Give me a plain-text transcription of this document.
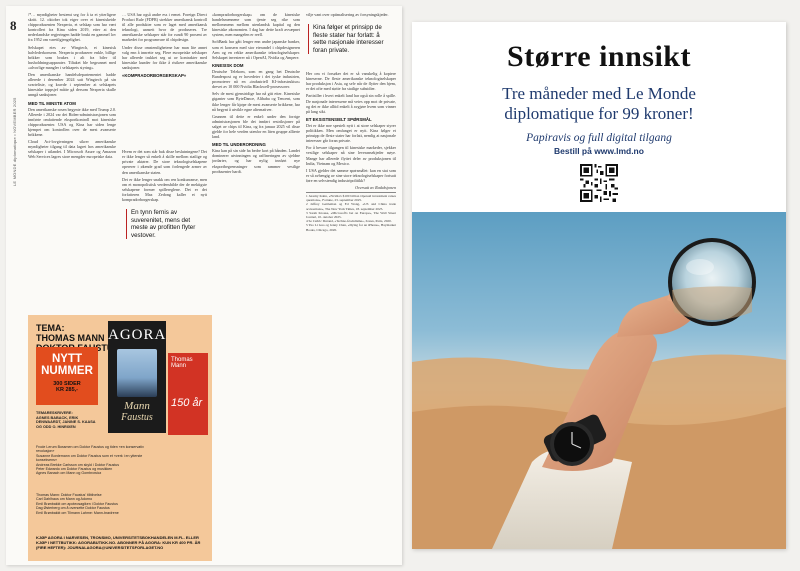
8
LE MONDE diplomatique • NOVEMBER 2025

/*… myndigheter bestemt seg for å ta et ytterligere skritt. 12. oktober tok eiger over et kinesiskeide chipprodusenten Nexperia, et selskap som har vært kontrollert fra Kina siden 2019, etter at den nederlandske regjeringen hadde brukt en gammel lov fra 1952 om varetilgjengelighet.

Selskapet eies av Wingtech, et kinesisk halvlederkonsern. Nexperia produserer enkle, billige brikker som brukes i alt fra biler til husholdningsapparater. Tiltaket ble begrunnet med «alvorlige mangler i selskapets styring».

Den amerikanske handelsdepartementet hadde allerede i desember 2024 satt Wingtech på sin svarteliste, og kravde i september at selskapets kinesiske toppsjef måtte gå dersom Nexperia skulle unngå sanksjoner.

MED TIL MINSTE ATOM

Den amerikanske rosen begynte ikke med Trump 2.0. Allerede i 2024 var det Biden-administrasjonen som innførte omfattende eksportkontroll mot kinesiske chipprodusenter. USA og Kina har siden lenge kjempet om kontrollen over de mest avanserte brikkene.

Cloud Act-lovgivningen sikrer amerikanske myndigheter tilgang til data lagret hos amerikanske selskaper i utlandet. I Microsoft Azure og Amazon Web Services lagres store mengder europeiske data.

… USA har også andre ess i ermet. Foreign Direct Product Rule (FDPR) strekker amerikansk kontroll til alle produkter som er laget med amerikansk teknologi, uansett hvor de produseres. Tre amerikanske selskaper står for rundt 90 prosent av markedet for programvare til chipdesign.

Under disse omstendighetene har man lite annet valg enn å innrette seg. Flere europeiske selskaper har allerede trukket seg ut av kontrakter med kinesiske kunder for ikke å risikere amerikanske sanksjoner.

«KOMPRADORBORGERSKAP»

Hvem er det som står bak disse beslutningene? Det er ikke lenger så enkelt å skille mellom statlige og private aktører. De store teknologiselskapene opererer i økende grad som forlengede armer av den amerikanske staten.

Det er ikke lenger snakk om ren konkurranse, men om et monopolistisk verdensbilde der de mektigste selskapene former spillereglene. Det er det forfatteren Max Zedong kaller et nytt kompradorborgerskap.

En tynn fernis av suverenitet, mens det meste av profitten flyter vestover.

«kompradorborgerskap» om de kinesiske handelsmennene som tjente seg rike som mellommenn mellom utenlandsk kapital og den kinesiske økonomien. I dag har dette kraft avvæpnet system, men mangelen er reell.

SoftBank har gått lenger enn andre japanske banker, som et konsern med stor eierandel i chipdesigneren Arm og en rekke amerikanske teknologiselskaper. Selskapet investerer nå i OpenAI, Nvidia og Ampere.

KINESISK DOM

Deutsche Telekom, som en gang het Deutsche Bundespost og er hovedeier i det tyske industrien, promoterer nå en «industriell KI-infrastruktur» drevet av 10 000 Nvidia Blackwell-prosessorer.

Selv de mest gjenstridige har nå gitt etter. Kinesiske giganter som ByteDance, Alibaba og Tencent, som ikke lenger får kjøpe de mest avanserte brikkene, har nå begynt å utvikle egne alternativer.

Grunnen til dette er enkel: under den forrige administrasjonen ble det innført restriksjoner på salget av chips til Kina, og fra januar 2025 vil disse gjelde for hele verden utenfor en liten gruppe allierte land.

MED TIL UNDERORDNING

Kina kan på sin side ha bedre kort på hånden. Landet dominerer utvinningen og raffineringen av sjeldne jordarter, og har nylig innført nye eksportbegrensninger som rammer vestlige produsenter hardt.

vilje vant over optimalisering av forsyningskjeder.

Her om vi forsøker det er så vanskelig å kopiere kineserne. De fleste amerikanske teknologiselskaper har produksjon i Asia, og selv når de flytter den hjem, er det ofte med støtte fra statlige subsidier.

Partisiller i hvert enkelt land har også sin rolle å spille. De nasjonale interessene må veies opp mot de private, og det er ikke alltid enkelt å avgjøre hvem som vinner på lang sikt.

ET EKSISTENSIELT SPØRSMÅL

Det er ikke noe spesielt nytt i at store selskaper styrer politikken. Men omfanget er nytt. Kina følger et prinsipp de fleste stater har forlatt, nemlig at nasjonale interesser går foran private.

For å bevare tilgangen til kinesiske markeder, sjekker vestlige selskaper nå sine leveransekjeder nøye. Mange har allerede flyttet deler av produksjonen til India, Vietnam og Mexico.

I USA gjelder det samme spørsmålet: kan en stat som er så avhengig av sine store teknologiselskaper fortsatt føre en selvstendig industripolitikk?

Oversatt av Redaksjonen

1 Jeremy Kahn, «Nvidia's $100 billion OpenAI investment raises questions», Fortune, 23. september 2025.
2 Jeffrey Gettleman og Ed Wong, «US and China trade accusations», The New York Times, 18. september 2025.
3 Sarah Krouse, «Microsoft's bet on Europe», The Wall Street Journal, 10. oktober 2025.
4 Se Cédric Durand, «Techno-féodalisme», Zones, Paris, 2020.
5 Yeo Li Guo og Jenny Chan, «Dying for an iPhone», Haymarket Books, Chicago, 2020.
Kina følger et prinsipp de fleste stater har forlatt: å sette nasjonale interesser foran private.
TEMA:
THOMAS MANN
FAUSTUS
NYTT
NUMMER
300 SIDER
KR 285,-
AGORA
Mann
Faustus
Thomas Mann
150 år
TEMARESKRIVERE:
AGNES BABACK, ERIK DENWAARDT, JANINE S. KAASA OG ODD O. HINRIXEN
Frode Lerum Bossmen om Doktor Faustus og tiden «en konservativ revolusjon»
Susanne Bordemann om Doktor Faustus som et «verk i en ytterste konsekvens»
Andreas Brekke Carlsson om skyld i Doktor Faustus
Peter Edwardo om Doktor Faustus og musikken
Agnes Banach om Mann og Gombrowicz
Thomas Mann: Doktor Faustus' tilblivelse
Carl Dahlhaus om Mann og Adorno
Emil Brønbakkt om apoteosagiken i Doktor Faustus
Dag Østerberg om å oversette Doktor Faustus
Emil Brønbakkt om Tilmann Lahme: Mann-brødrene
KJØP AGORA I NARVESEN, TRONSMO, UNIVERSITETSBOKHANDELEN M.FL. ELLER KJØP I NETTBUTIKK: AGORABUTIKK.NO. ABONNER PÅ AGORA: KUN KR 400 PR. ÅR (FIRE HEFTER): JOURNALAGORA@UNIVERSITETSFORLAGET.NO
Større innsikt
Tre måneder med Le Monde
diplomatique for 99 kroner!
Papiravis og full digital tilgang
Bestill på www.lmd.no
